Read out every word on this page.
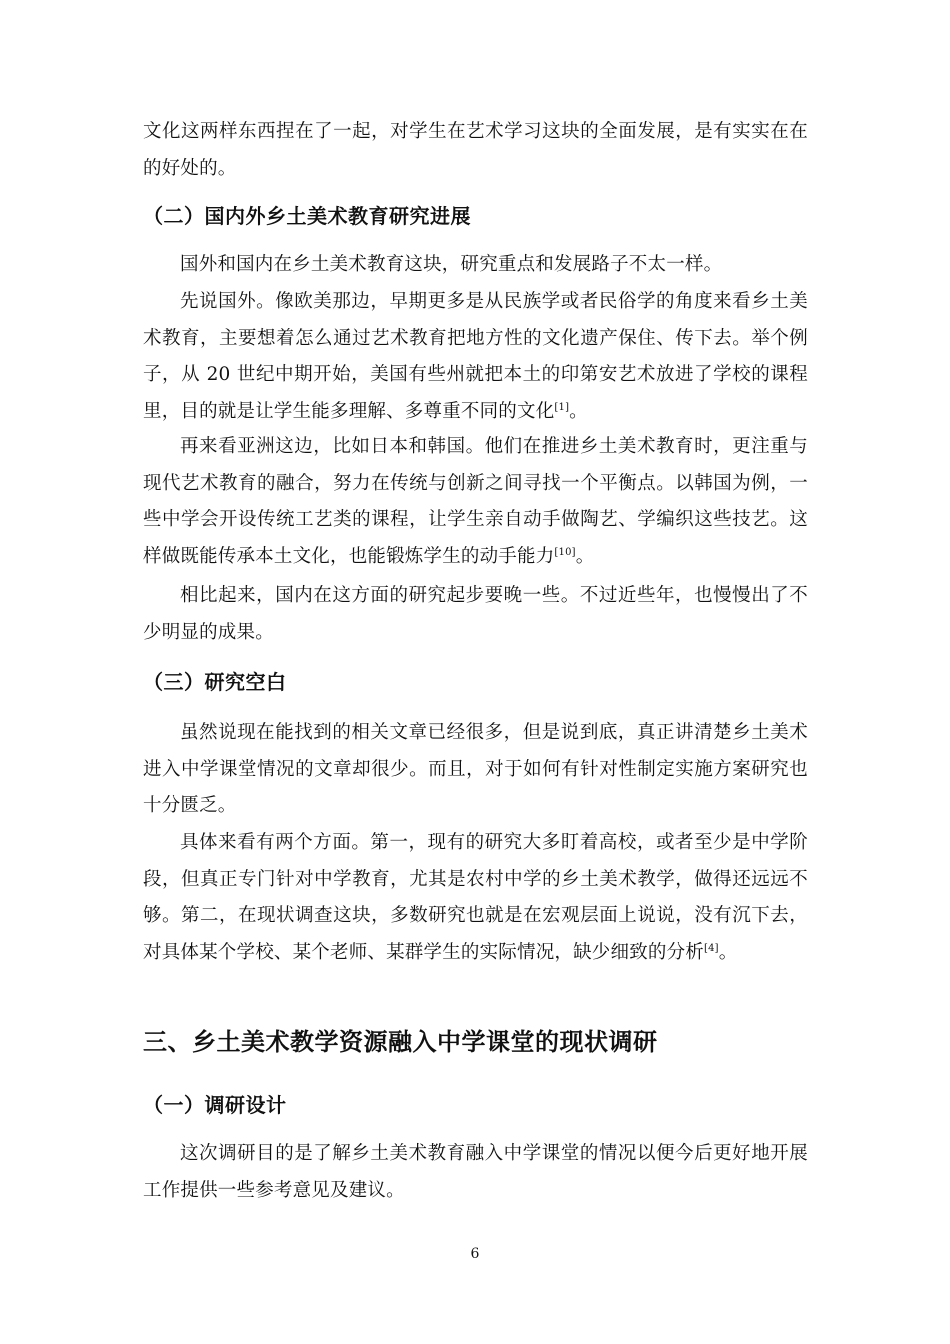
文化这两样东西捏在了一起，对学生在艺术学习这块的全面发展，是有实实在在的好处的。

（二）国内外乡土美术教育研究进展

国外和国内在乡土美术教育这块，研究重点和发展路子不太一样。

先说国外。像欧美那边，早期更多是从民族学或者民俗学的角度来看乡土美术教育，主要想着怎么通过艺术教育把地方性的文化遗产保住、传下去。举个例子，从 20 世纪中期开始，美国有些州就把本土的印第安艺术放进了学校的课程里，目的就是让学生能多理解、多尊重不同的文化[1]。

再来看亚洲这边，比如日本和韩国。他们在推进乡土美术教育时，更注重与现代艺术教育的融合，努力在传统与创新之间寻找一个平衡点。以韩国为例，一些中学会开设传统工艺类的课程，让学生亲自动手做陶艺、学编织这些技艺。这样做既能传承本土文化，也能锻炼学生的动手能力[10]。

相比起来，国内在这方面的研究起步要晚一些。不过近些年，也慢慢出了不少明显的成果。

（三）研究空白

虽然说现在能找到的相关文章已经很多，但是说到底，真正讲清楚乡土美术进入中学课堂情况的文章却很少。而且，对于如何有针对性制定实施方案研究也十分匮乏。

具体来看有两个方面。第一，现有的研究大多盯着高校，或者至少是中学阶段，但真正专门针对中学教育，尤其是农村中学的乡土美术教学，做得还远远不够。第二，在现状调查这块，多数研究也就是在宏观层面上说说，没有沉下去，对具体某个学校、某个老师、某群学生的实际情况，缺少细致的分析[4]。

三、乡土美术教学资源融入中学课堂的现状调研
（一）调研设计

这次调研目的是了解乡土美术教育融入中学课堂的情况以便今后更好地开展工作提供一些参考意见及建议。

6
